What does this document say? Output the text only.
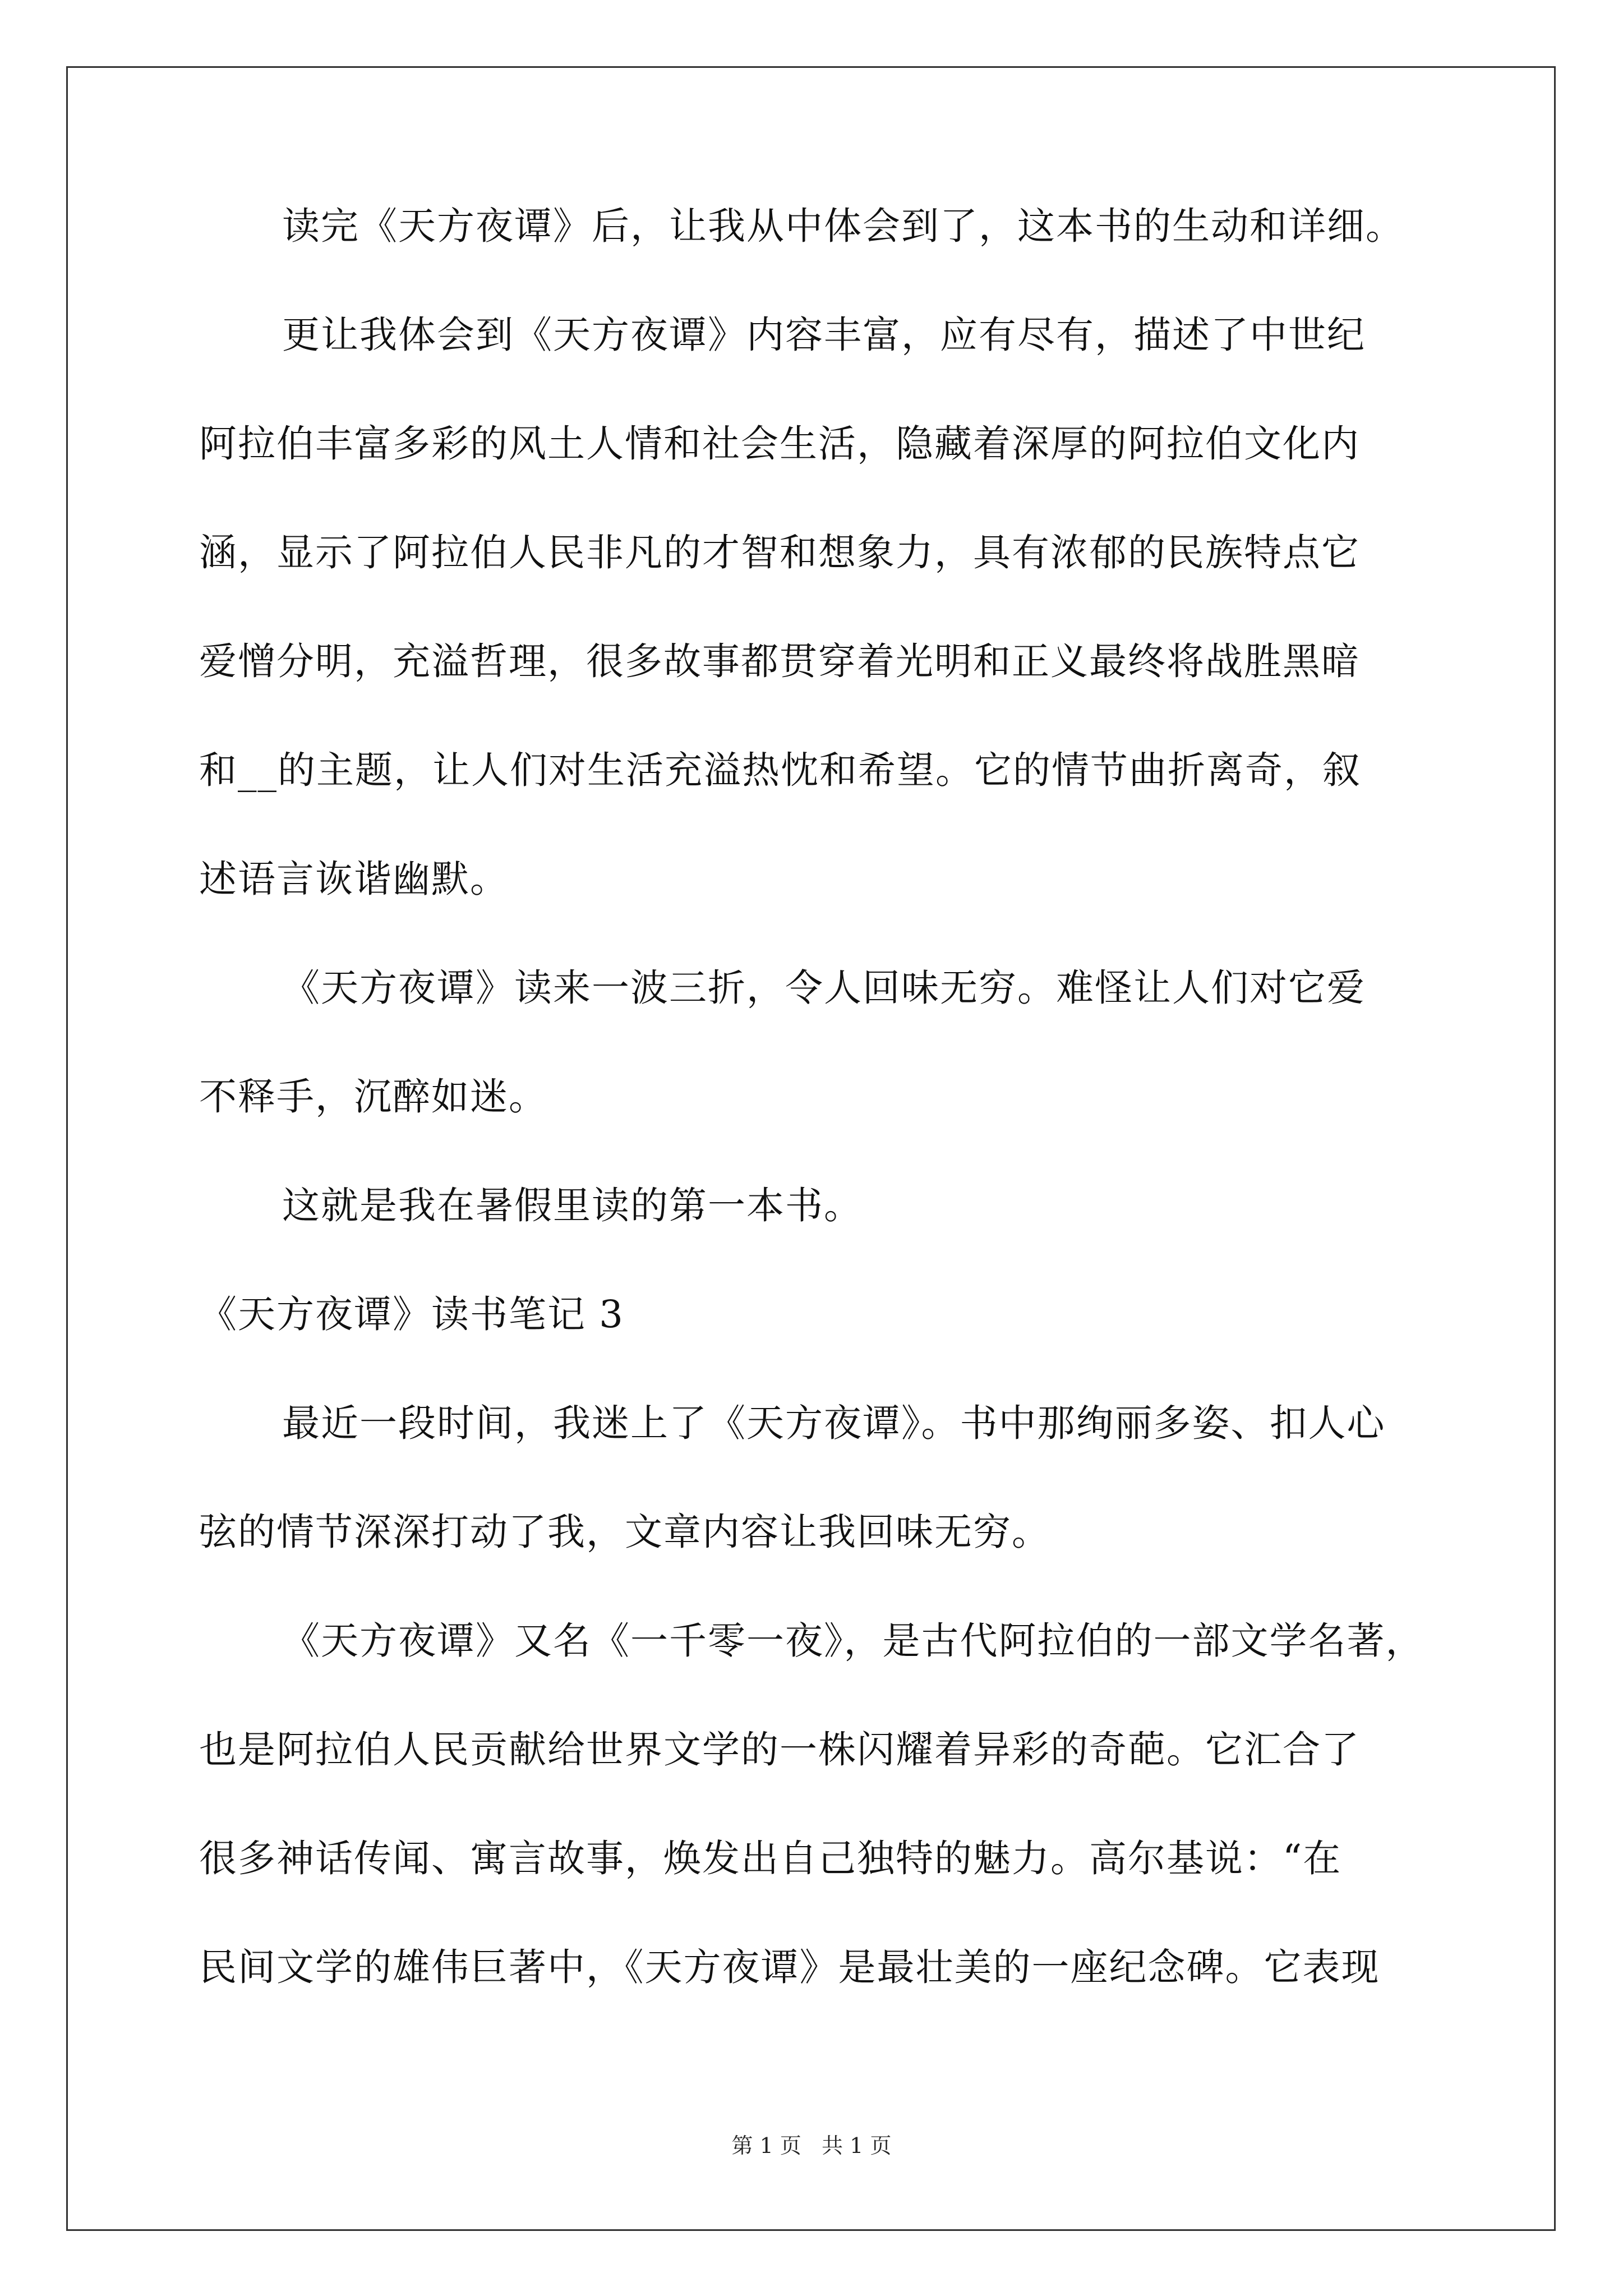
读完《天方夜谭》后，让我从中体会到了，这本书的生动和详细。

更让我体会到《天方夜谭》内容丰富，应有尽有，描述了中世纪

阿拉伯丰富多彩的风土人情和社会生活，隐藏着深厚的阿拉伯文化内

涵，显示了阿拉伯人民非凡的才智和想象力，具有浓郁的民族特点它

爱憎分明，充溢哲理，很多故事都贯穿着光明和正义最终将战胜黑暗

和__的主题，让人们对生活充溢热忱和希望。它的情节曲折离奇，叙

述语言诙谐幽默。

《天方夜谭》读来一波三折，令人回味无穷。难怪让人们对它爱

不释手，沉醉如迷。

这就是我在暑假里读的第一本书。

《天方夜谭》读书笔记 3

最近一段时间，我迷上了《天方夜谭》。书中那绚丽多姿、扣人心

弦的情节深深打动了我，文章内容让我回味无穷。

《天方夜谭》又名《一千零一夜》，是古代阿拉伯的一部文学名著，

也是阿拉伯人民贡献给世界文学的一株闪耀着异彩的奇葩。它汇合了

很多神话传闻、寓言故事，焕发出自己独特的魅力。高尔基说：“在

民间文学的雄伟巨著中，《天方夜谭》是最壮美的一座纪念碑。它表现

第 1 页   共 1 页
